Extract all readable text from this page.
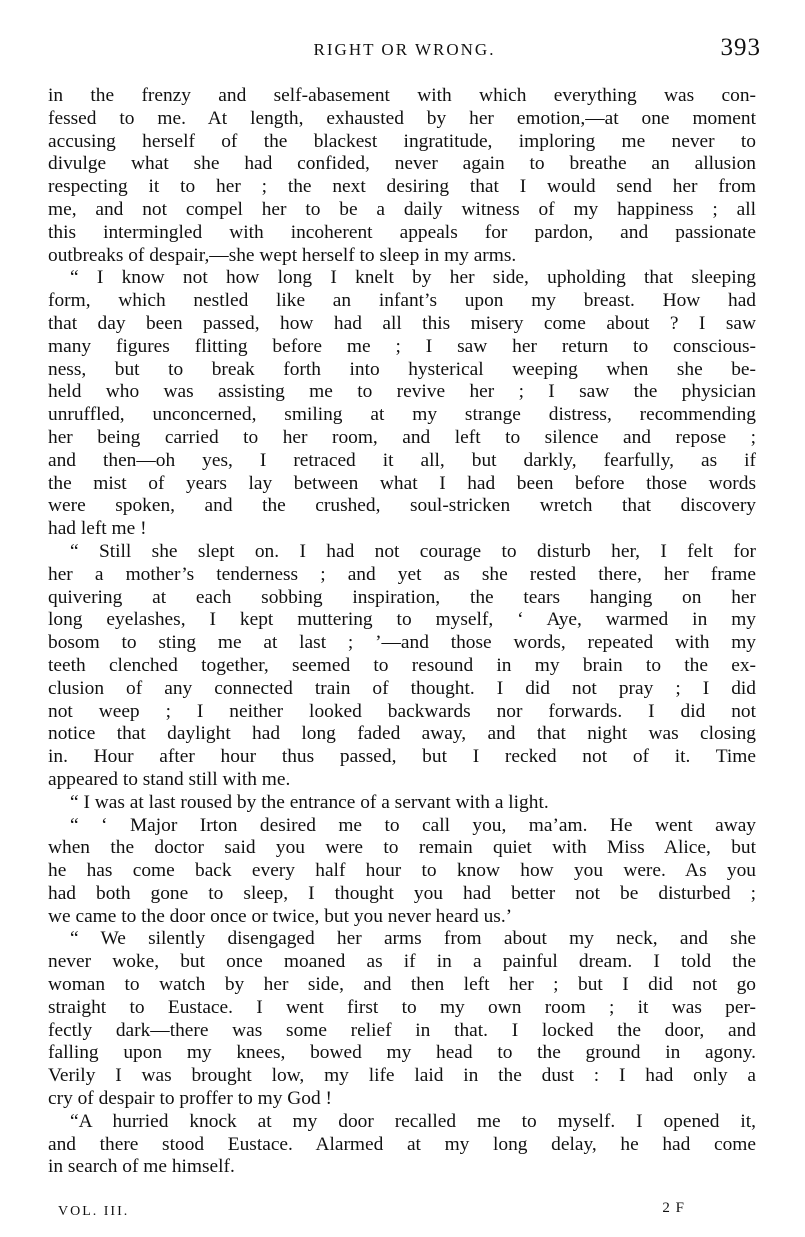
RIGHT OR WRONG.	393
in the frenzy and self-abasement with which everything was con-
fessed to me. At length, exhausted by her emotion,—at one moment
accusing herself of the blackest ingratitude, imploring me never to
divulge what she had confided, never again to breathe an allusion
respecting it to her ; the next desiring that I would send her from
me, and not compel her to be a daily witness of my happiness ; all
this intermingled with incoherent appeals for pardon, and passionate
outbreaks of despair,—she wept herself to sleep in my arms.
“ I know not how long I knelt by her side, upholding that sleeping
form, which nestled like an infant’s upon my breast. How had
that day been passed, how had all this misery come about ? I saw
many figures flitting before me ; I saw her return to conscious-
ness, but to break forth into hysterical weeping when she be-
held who was assisting me to revive her ; I saw the physician
unruffled, unconcerned, smiling at my strange distress, recommending
her being carried to her room, and left to silence and repose ;
and then—oh yes, I retraced it all, but darkly, fearfully, as if
the mist of years lay between what I had been before those words
were spoken, and the crushed, soul-stricken wretch that discovery
had left me !
“ Still she slept on. I had not courage to disturb her, I felt for
her a mother’s tenderness ; and yet as she rested there, her frame
quivering at each sobbing inspiration, the tears hanging on her
long eyelashes, I kept muttering to myself, ‘ Aye, warmed in my
bosom to sting me at last ; ’—and those words, repeated with my
teeth clenched together, seemed to resound in my brain to the ex-
clusion of any connected train of thought. I did not pray ; I did
not weep ; I neither looked backwards nor forwards. I did not
notice that daylight had long faded away, and that night was closing
in. Hour after hour thus passed, but I recked not of it. Time
appeared to stand still with me.
“ I was at last roused by the entrance of a servant with a light.
“ ‘ Major Irton desired me to call you, ma’am. He went away
when the doctor said you were to remain quiet with Miss Alice, but
he has come back every half hour to know how you were. As you
had both gone to sleep, I thought you had better not be disturbed ;
we came to the door once or twice, but you never heard us.’
“ We silently disengaged her arms from about my neck, and she
never woke, but once moaned as if in a painful dream. I told the
woman to watch by her side, and then left her ; but I did not go
straight to Eustace. I went first to my own room ; it was per-
fectly dark—there was some relief in that. I locked the door, and
falling upon my knees, bowed my head to the ground in agony.
Verily I was brought low, my life laid in the dust : I had only a
cry of despair to proffer to my God !
“A hurried knock at my door recalled me to myself. I opened it,
and there stood Eustace. Alarmed at my long delay, he had come
in search of me himself.
VOL. III.	2 F
